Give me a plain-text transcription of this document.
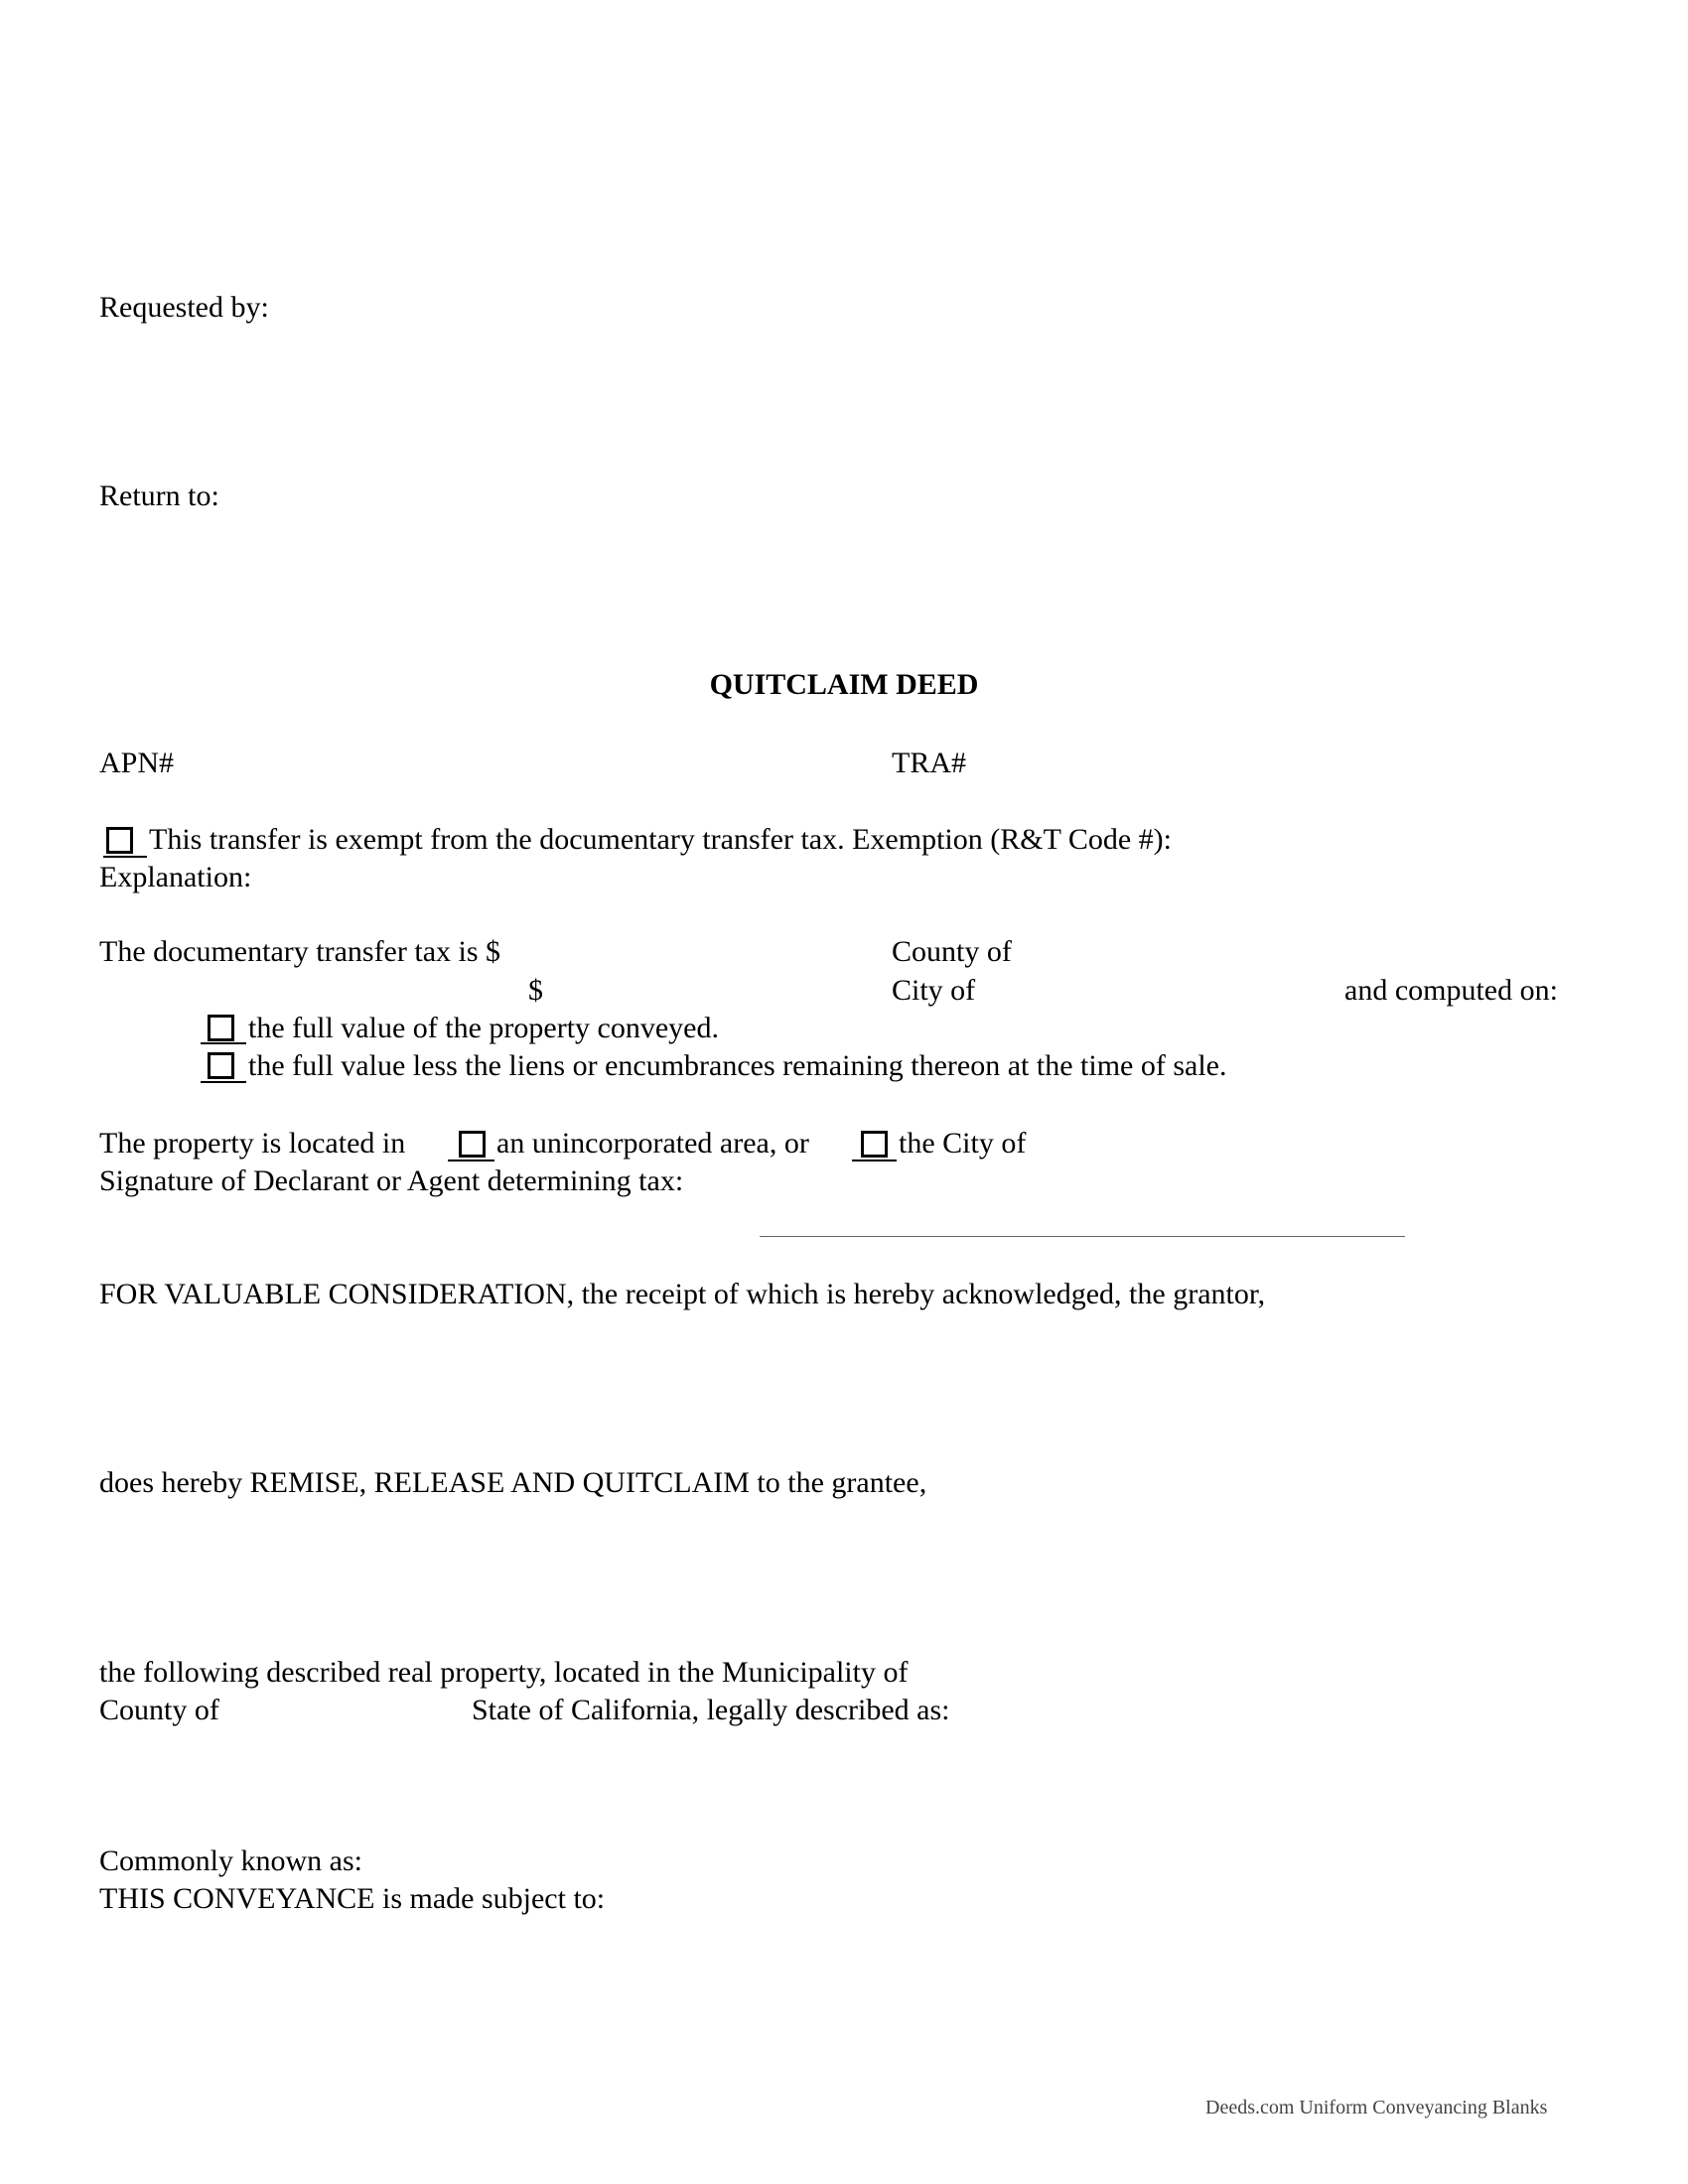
Requested by:
Return to:
QUITCLAIM DEED
APN#	TRA#
This transfer is exempt from the documentary transfer tax. Exemption (R&T Code #):
Explanation:
The documentary transfer tax is $	County of
$	City of	and computed on:
the full value of the property conveyed.
the full value less the liens or encumbrances remaining thereon at the time of sale.
The property is located in	an unincorporated area, or	the City of
Signature of Declarant or Agent determining tax:
FOR VALUABLE CONSIDERATION, the receipt of which is hereby acknowledged, the grantor,
does hereby REMISE, RELEASE AND QUITCLAIM to the grantee,
the following described real property, located in the Municipality of
County of	State of California, legally described as:
Commonly known as:
THIS CONVEYANCE is made subject to:
Deeds.com Uniform Conveyancing Blanks
